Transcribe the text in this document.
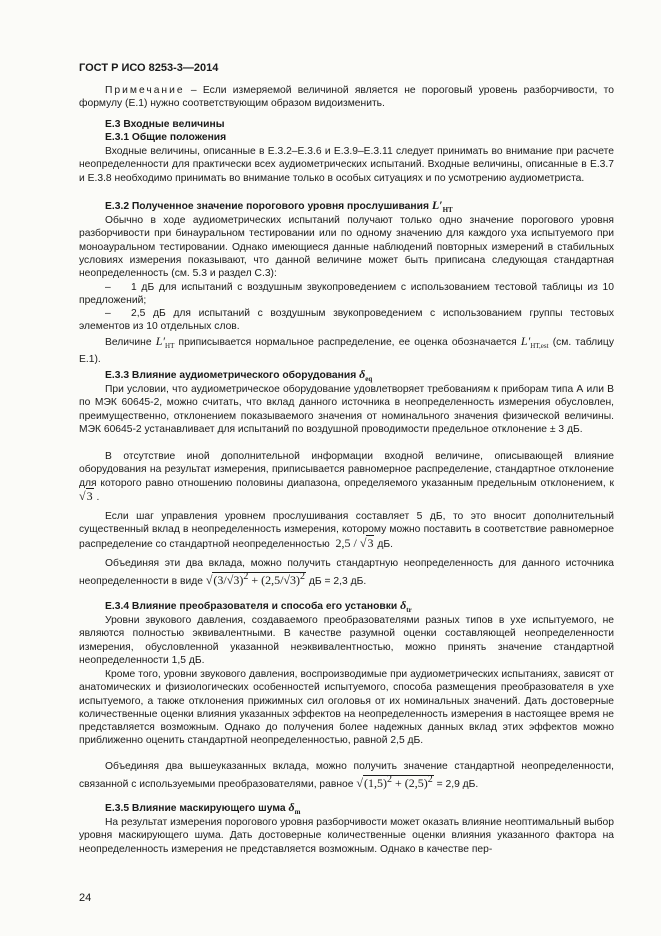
ГОСТ Р ИСО 8253-3—2014
Примечание – Если измеряемой величиной является не пороговый уровень разборчивости, то формулу (Е.1) нужно соответствующим образом видоизменить.
Е.3 Входные величины
Е.3.1 Общие положения
Входные величины, описанные в Е.3.2–Е.3.6 и Е.3.9–Е.3.11 следует принимать во внимание при расчете неопределенности для практически всех аудиометрических испытаний. Входные величины, описанные в Е.3.7 и Е.3.8 необходимо принимать во внимание только в особых ситуациях и по усмотрению аудиометриста.
Е.3.2 Полученное значение порогового уровня прослушивания $L'_{HT}$
Обычно в ходе аудиометрических испытаний получают только одно значение порогового уровня разборчивости при бинауральном тестировании или по одному значению для каждого уха испытуемого при моноауральном тестировании. Однако имеющиеся данные наблюдений повторных измерений в стабильных условиях измерения показывают, что данной величине может быть приписана следующая стандартная неопределенность (см. 5.3 и раздел С.3):
– 1 дБ для испытаний с воздушным звукопроведением с использованием тестовой таблицы из 10 предложений;
– 2,5 дБ для испытаний с воздушным звукопроведением с использованием группы тестовых элементов из 10 отдельных слов.
Величине $L'_{HT}$ приписывается нормальное распределение, ее оценка обозначается $L'_{HT,est}$ (см. таблицу Е.1).
Е.3.3 Влияние аудиометрического оборудования $\delta_{eq}$
При условии, что аудиометрическое оборудование удовлетворяет требованиям к приборам типа А или В по МЭК 60645-2, можно считать, что вклад данного источника в неопределенность измерения обусловлен, преимущественно, отклонением показываемого значения от номинального значения физической величины. МЭК 60645-2 устанавливает для испытаний по воздушной проводимости предельное отклонение ± 3 дБ.
В отсутствие иной дополнительной информации входной величине, описывающей влияние оборудования на результат измерения, приписывается равномерное распределение, стандартное отклонение для которого равно отношению половины диапазона, определяемого указанным предельным отклонением, к √3 .
Если шаг управления уровнем прослушивания составляет 5 дБ, то это вносит дополнительный существенный вклад в неопределенность измерения, которому можно поставить в соответствие равномерное распределение со стандартной неопределенностью  2,5 / √3 дБ.
Объединяя эти два вклада, можно получить стандартную неопределенность для данного источника неопределенности в виде $√(3/√3)^2 + (2,5/√3)^2$ дБ = 2,3 дБ.
Е.3.4 Влияние преобразователя и способа его установки $\delta_{tr}$
Уровни звукового давления, создаваемого преобразователями разных типов в ухе испытуемого, не являются полностью эквивалентными. В качестве разумной оценки составляющей неопределенности измерения, обусловленной указанной неэквивалентностью, можно принять значение стандартной неопределенности 1,5 дБ.
Кроме того, уровни звукового давления, воспроизводимые при аудиометрических испытаниях, зависят от анатомических и физиологических особенностей испытуемого, способа размещения преобразователя в ухе испытуемого, а также отклонения прижимных сил оголовья от их номинальных значений. Дать достоверные количественные оценки влияния указанных эффектов на неопределенность измерения в настоящее время не представляется возможным. Однако до получения более надежных данных вклад этих эффектов можно приближенно оценить стандартной неопределенностью, равной 2,5 дБ.
Объединяя два вышеуказанных вклада, можно получить значение стандартной неопределенности, связанной с используемыми преобразователями, равное $√(1,5)^2 + (2,5)^2 = 2,9$ дБ.
Е.3.5 Влияние маскирующего шума $\delta_m$
На результат измерения порогового уровня разборчивости может оказать влияние неоптимальный выбор уровня маскирующего шума. Дать достоверные количественные оценки влияния указанного фактора на неопределенность измерения не представляется возможным. Однако в качестве пер-
24
